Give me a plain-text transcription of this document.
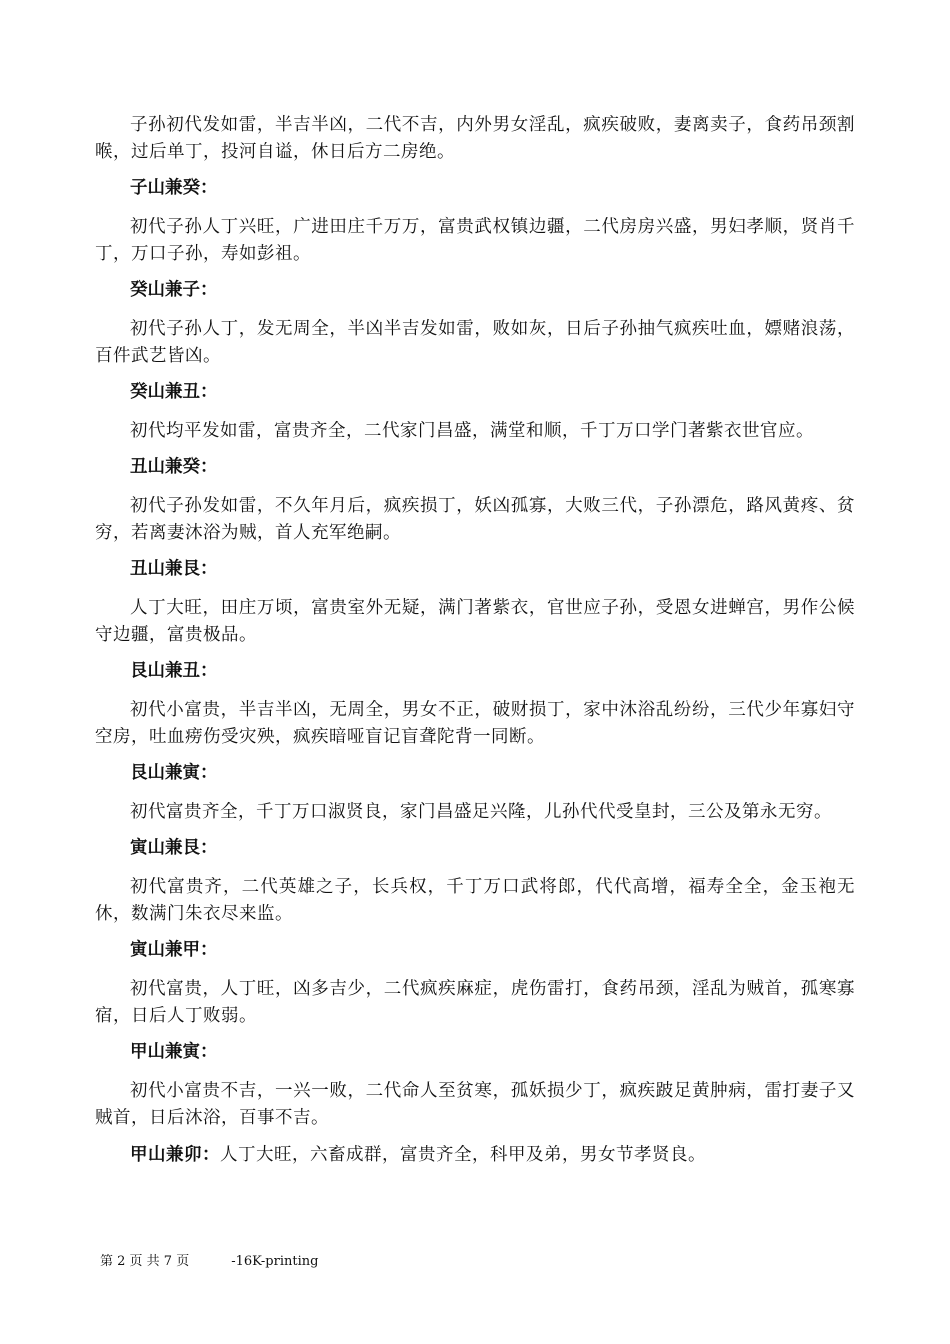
子孙初代发如雷，半吉半凶，二代不吉，内外男女淫乱，疯疾破败，妻离卖子，食药吊颈割喉，过后单丁，投河自谥，休日后方二房绝。

子山兼癸：

初代子孙人丁兴旺，广进田庄千万万，富贵武权镇边疆，二代房房兴盛，男妇孝顺，贤肖千丁，万口子孙，寿如彭祖。

癸山兼子：

初代子孙人丁，发无周全，半凶半吉发如雷，败如灰，日后子孙抽气疯疾吐血，嫖赌浪荡，百件武艺皆凶。

癸山兼丑：

初代均平发如雷，富贵齐全，二代家门昌盛，满堂和顺，千丁万口学门著紫衣世官应。

丑山兼癸：

初代子孙发如雷，不久年月后，疯疾损丁，妖凶孤寡，大败三代，子孙漂危，路风黄疼、贫穷，若离妻沐浴为贼，首人充军绝嗣。

丑山兼艮：

人丁大旺，田庄万顷，富贵室外无疑，满门著紫衣，官世应子孙，受恩女进蝉宫，男作公候守边疆，富贵极品。

艮山兼丑：

初代小富贵，半吉半凶，无周全，男女不正，破财损丁，家中沐浴乱纷纷，三代少年寡妇守空房，吐血痨伤受灾殃，疯疾暗哑盲记盲聋陀背一同断。

艮山兼寅：

初代富贵齐全，千丁万口淑贤良，家门昌盛足兴隆，儿孙代代受皇封，三公及第永无穷。

寅山兼艮：

初代富贵齐，二代英雄之子，长兵权，千丁万口武将郎，代代高增，福寿全全，金玉袍无休，数满门朱衣尽来监。

寅山兼甲：

初代富贵，人丁旺，凶多吉少，二代疯疾麻症，虎伤雷打，食药吊颈，淫乱为贼首，孤寒寡宿，日后人丁败弱。

甲山兼寅：

初代小富贵不吉，一兴一败，二代命人至贫寒，孤妖损少丁，疯疾跛足黄肿病，雷打妻子又贼首，日后沐浴，百事不吉。

甲山兼卯：人丁大旺，六畜成群，富贵齐全，科甲及弟，男女节孝贤良。

第 2 页 共 7 页	-16K-printing
